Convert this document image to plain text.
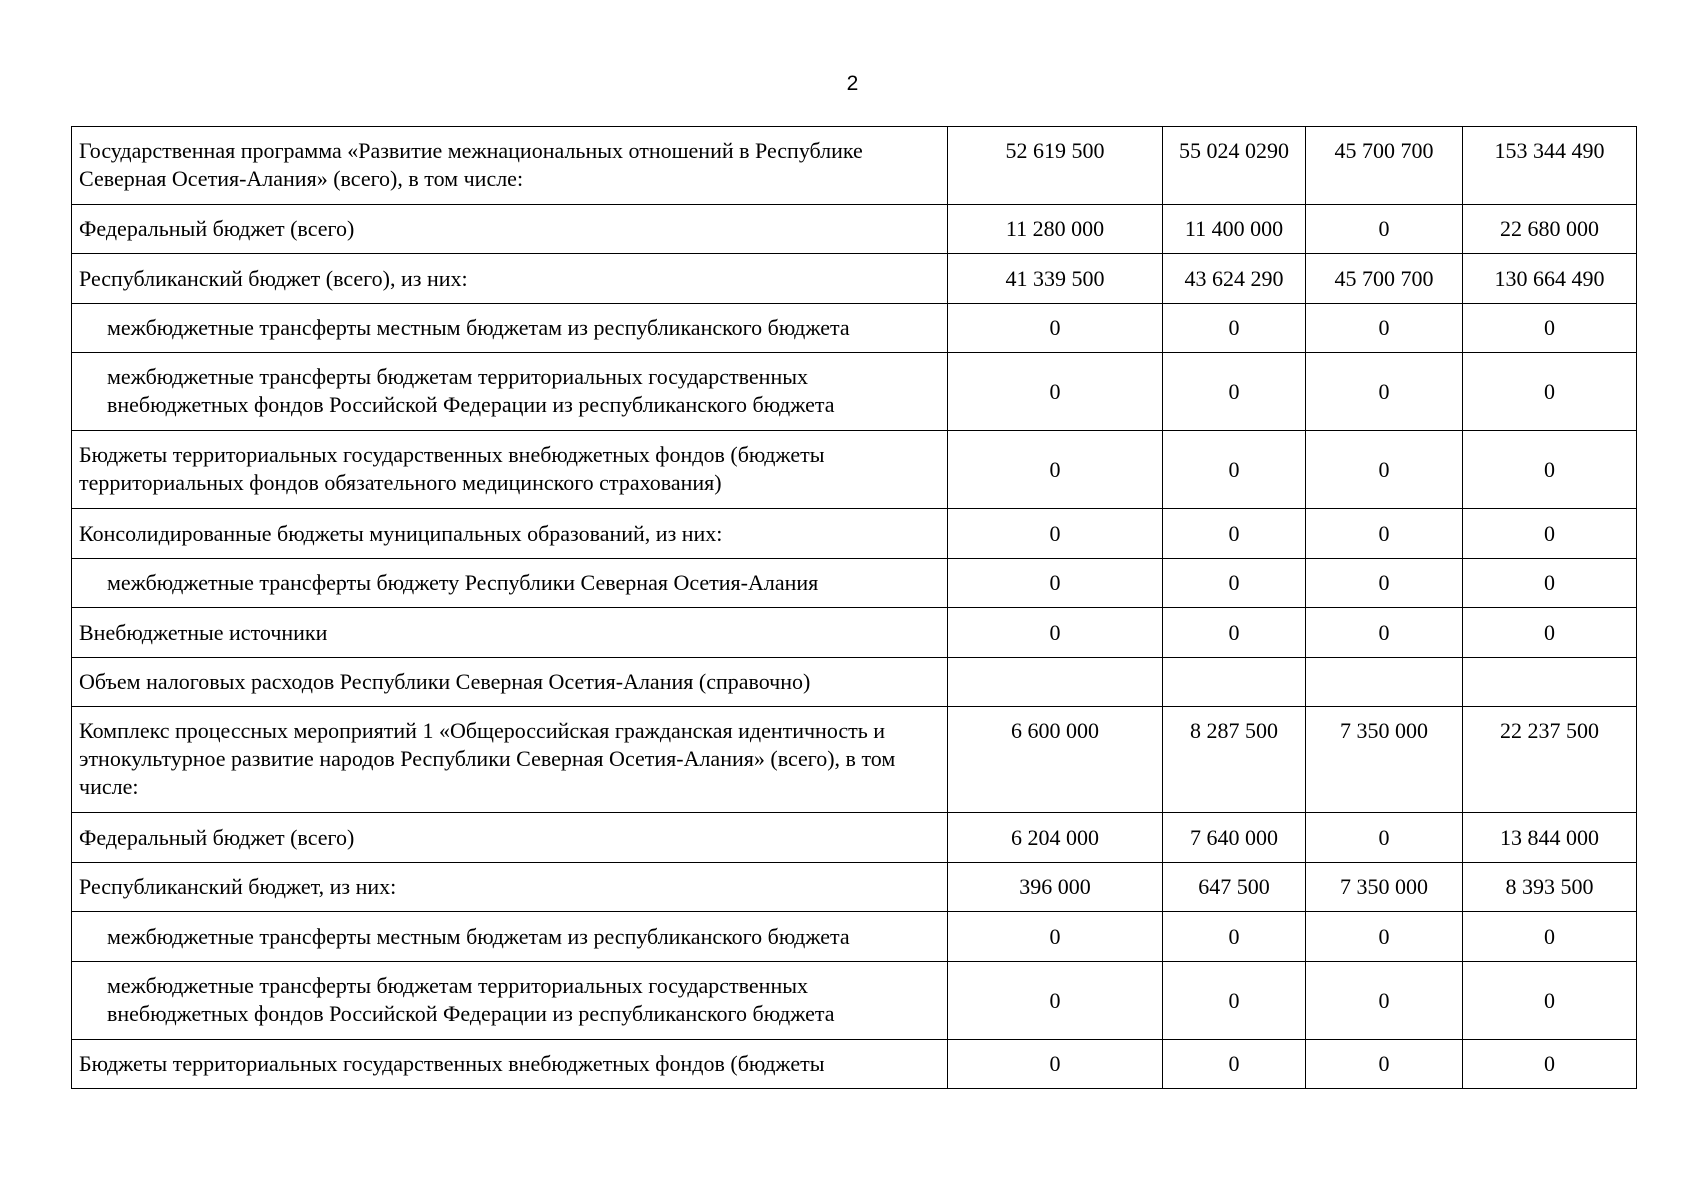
2
Государственная программа «Развитие межнациональных отношений в Республике Северная Осетия-Алания» (всего), в том числе:	52 619 500	55 024 0290	45 700 700	153 344 490
Федеральный бюджет (всего)	11 280 000	11 400 000	0	22 680 000
Республиканский бюджет (всего), из них:	41 339 500	43 624 290	45 700 700	130 664 490
межбюджетные трансферты местным бюджетам из республиканского бюджета	0	0	0	0
межбюджетные трансферты бюджетам территориальных государственных внебюджетных фондов Российской Федерации из республиканского бюджета	0	0	0	0
Бюджеты территориальных государственных внебюджетных фондов (бюджеты территориальных фондов обязательного медицинского страхования)	0	0	0	0
Консолидированные бюджеты муниципальных образований, из них:	0	0	0	0
межбюджетные трансферты бюджету Республики Северная Осетия-Алания	0	0	0	0
Внебюджетные источники	0	0	0	0
Объем налоговых расходов Республики Северная Осетия-Алания (справочно)				
Комплекс процессных мероприятий 1 «Общероссийская гражданская идентичность и этнокультурное развитие народов Республики Северная Осетия-Алания» (всего), в том числе:	6 600 000	8 287 500	7 350 000	22 237 500
Федеральный бюджет (всего)	6 204 000	7 640 000	0	13 844 000
Республиканский бюджет, из них:	396 000	647 500	7 350 000	8 393 500
межбюджетные трансферты местным бюджетам из республиканского бюджета	0	0	0	0
межбюджетные трансферты бюджетам территориальных государственных внебюджетных фондов Российской Федерации из республиканского бюджета	0	0	0	0
Бюджеты территориальных государственных внебюджетных фондов (бюджеты	0	0	0	0
